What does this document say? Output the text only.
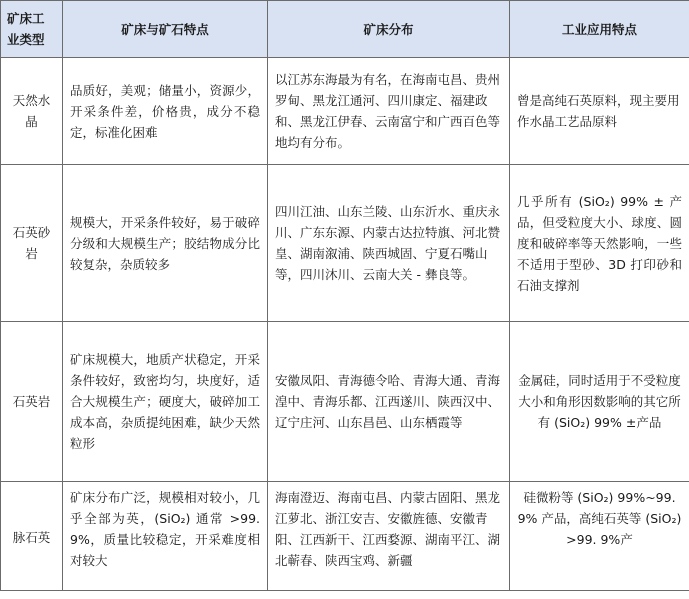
矿床工业类型	矿床与矿石特点	矿床分布	工业应用特点
天然水晶	品质好，美观；储量小，资源少，开采条件差，价格贵，成分不稳定，标准化困难	以江苏东海最为有名，在海南屯昌、贵州罗甸、黑龙江通河、四川康定、福建政和、黑龙江伊春、云南富宁和广西百色等地均有分布。	曾是高纯石英原料，现主要用作水晶工艺品原料
石英砂岩	规模大，开采条件较好，易于破碎分级和大规模生产；胶结物成分比较复杂，杂质较多	四川江油、山东兰陵、山东沂水、重庆永川、广东东源、内蒙古达拉特旗、河北赞皇、湖南溆浦、陕西城固、宁夏石嘴山等，四川沐川、云南大关 - 彝良等。	几乎所有 (SiO₂) 99% ± 产品，但受粒度大小、球度、圆度和破碎率等天然影响，一些不适用于型砂、3D 打印砂和石油支撑剂
石英岩	矿床规模大，地质产状稳定，开采条件较好，致密均匀，块度好，适合大规模生产；硬度大，破碎加工成本高，杂质提纯困难，缺少天然粒形	安徽凤阳、青海德令哈、青海大通、青海湟中、青海乐都、江西遂川、陕西汉中、辽宁庄河、山东昌邑、山东栖霞等	金属硅，同时适用于不受粒度大小和角形因数影响的其它所有 (SiO₂) 99% ±产品
脉石英	矿床分布广泛，规模相对较小，几乎全部为英，(SiO₂) 通常 >99.9%，质量比较稳定，开采难度相对较大	海南澄迈、海南屯昌、内蒙古固阳、黑龙江萝北、浙江安吉、安徽旌德、安徽青阳、江西新干、江西婺源、湖南平江、湖北蕲春、陕西宝鸡、新疆	硅微粉等 (SiO₂) 99%~99.9% 产品，高纯石英等 (SiO₂) >99. 9%产
